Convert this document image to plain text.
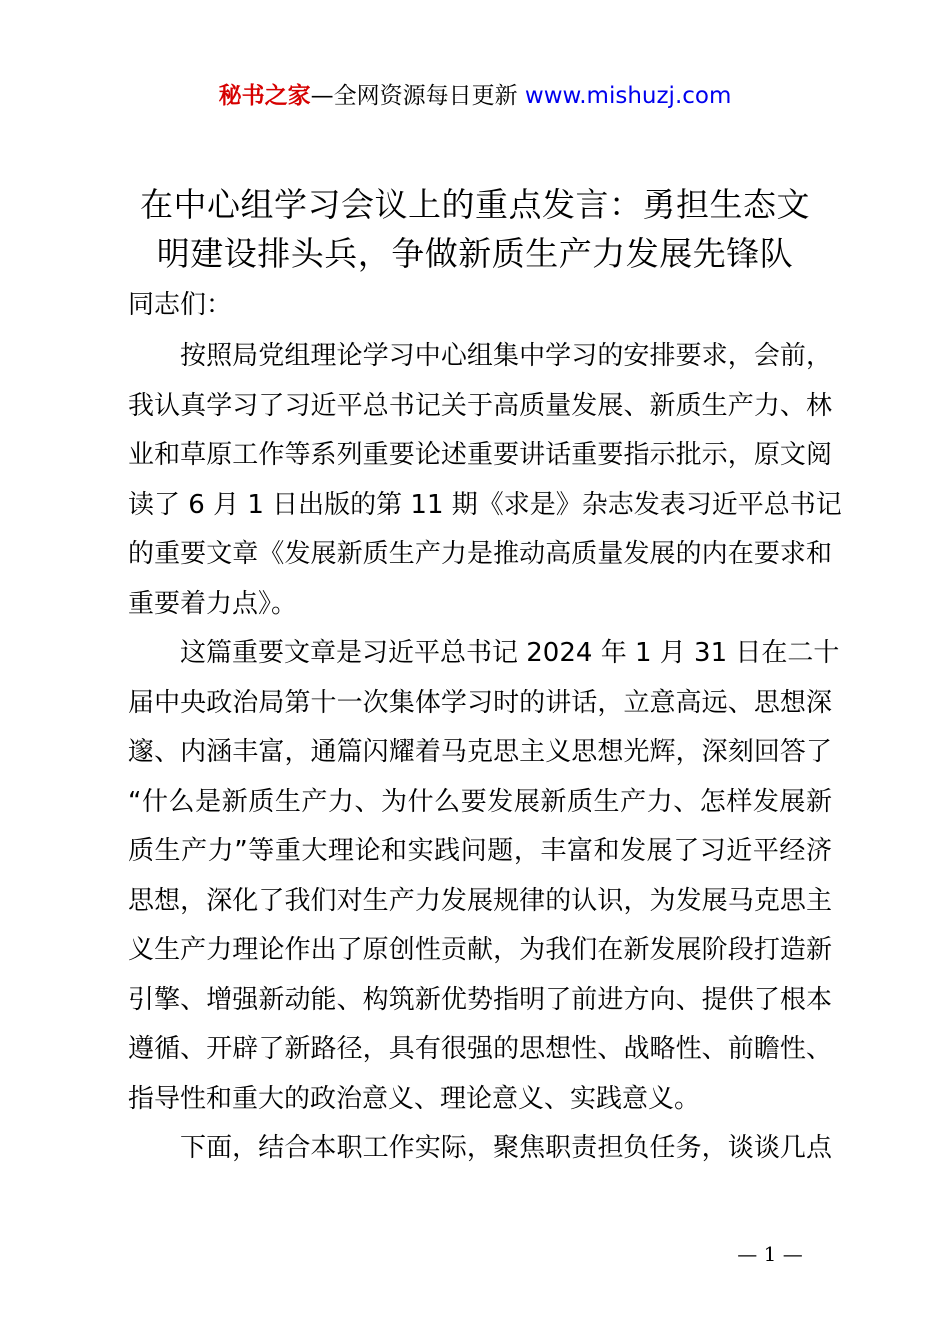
秘书之家—全网资源每日更新 www.mishuzj.com
在中心组学习会议上的重点发言：勇担生态文
明建设排头兵，争做新质生产力发展先锋队
同志们：
按照局党组理论学习中心组集中学习的安排要求，会前，
我认真学习了习近平总书记关于高质量发展、新质生产力、林
业和草原工作等系列重要论述重要讲话重要指示批示，原文阅
读了 6 月 1 日出版的第 11 期《求是》杂志发表习近平总书记
的重要文章《发展新质生产力是推动高质量发展的内在要求和
重要着力点》。
这篇重要文章是习近平总书记 2024 年 1 月 31 日在二十
届中央政治局第十一次集体学习时的讲话，立意高远、思想深
邃、内涵丰富，通篇闪耀着马克思主义思想光辉，深刻回答了
“什么是新质生产力、为什么要发展新质生产力、怎样发展新
质生产力”等重大理论和实践问题，丰富和发展了习近平经济
思想，深化了我们对生产力发展规律的认识，为发展马克思主
义生产力理论作出了原创性贡献，为我们在新发展阶段打造新
引擎、增强新动能、构筑新优势指明了前进方向、提供了根本
遵循、开辟了新路径，具有很强的思想性、战略性、前瞻性、
指导性和重大的政治意义、理论意义、实践意义。
下面，结合本职工作实际，聚焦职责担负任务，谈谈几点
— 1 —
